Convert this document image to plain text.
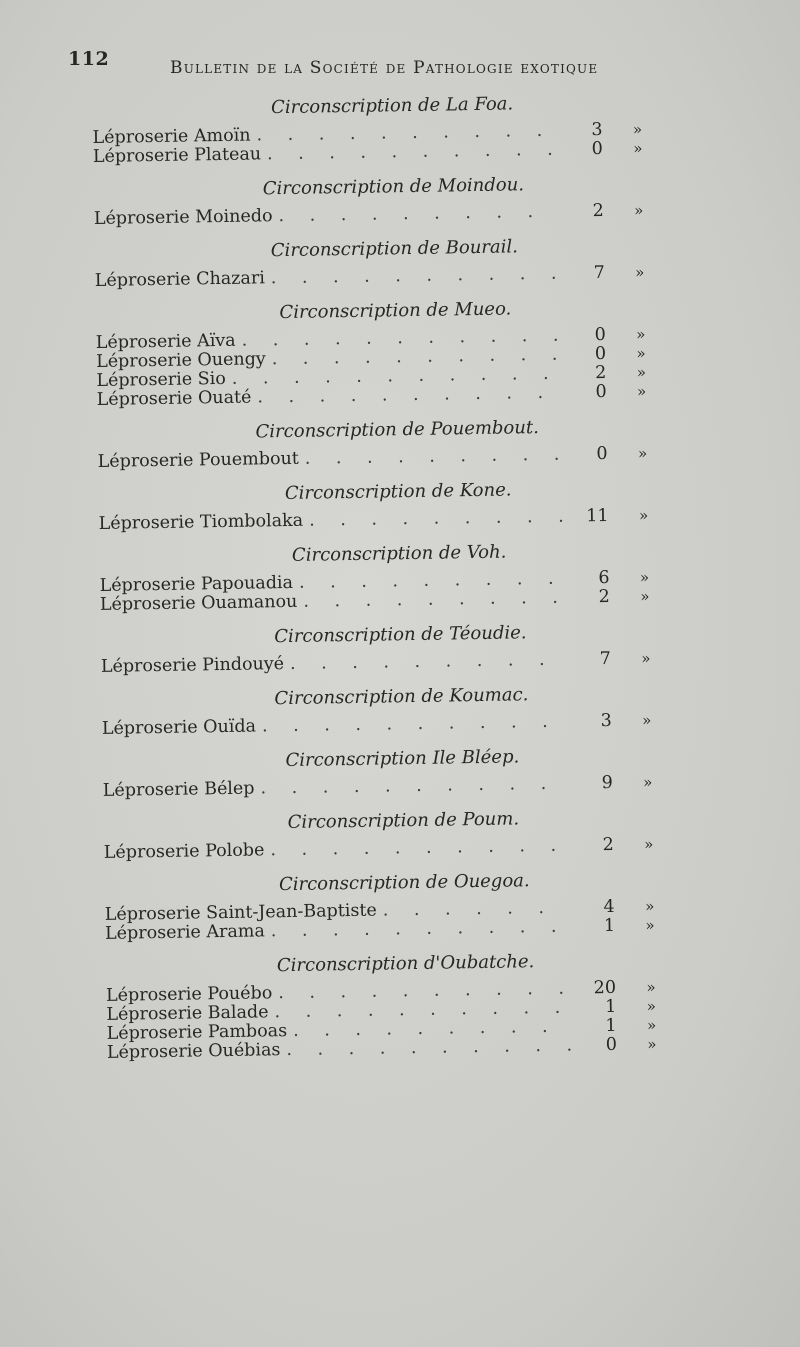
112	Bulletin de la Société de Pathologie exotique
Circonscription de La Foa.
Léproserie Amoïn . . .	3	»
Léproserie Plateau . . .	0	»
Circonscription de Moindou.
Léproserie Moinedo . . .	2	»
Circonscription de Bourail.
Léproserie Chazari . . .	7	»
Circonscription de Mueo.
Léproserie Aïva . . .	0	»
Léproserie Ouengy . . .	0	»
Léproserie Sio . . .	2	»
Léproserie Ouaté . . .	0	»
Circonscription de Pouembout.
Léproserie Pouembout . . .	0	»
Circonscription de Kone.
Léproserie Tiombolaka . . .	11	»
Circonscription de Voh.
Léproserie Papouadia . . .	6	»
Léproserie Ouamanou . . .	2	»
Circonscription de Téoudie.
Léproserie Pindouyé . . .	7	»
Circonscription de Koumac.
Léproserie Ouïda . . .	3	»
Circonscription Ile Bléep.
Léproserie Bélep . . .	9	»
Circonscription de Poum.
Léproserie Polobe . . .	2	»
Circonscription de Ouegoa.
Léproserie Saint-Jean-Baptiste . . .	4	»
Léproserie Arama . . .	1	»
Circonscription d'Oubatche.
Léproserie Pouébo . . .	20	»
Léproserie Balade . . .	1	»
Léproserie Pamboas . . .	1	»
Léproserie Ouébias . . .	0	»
